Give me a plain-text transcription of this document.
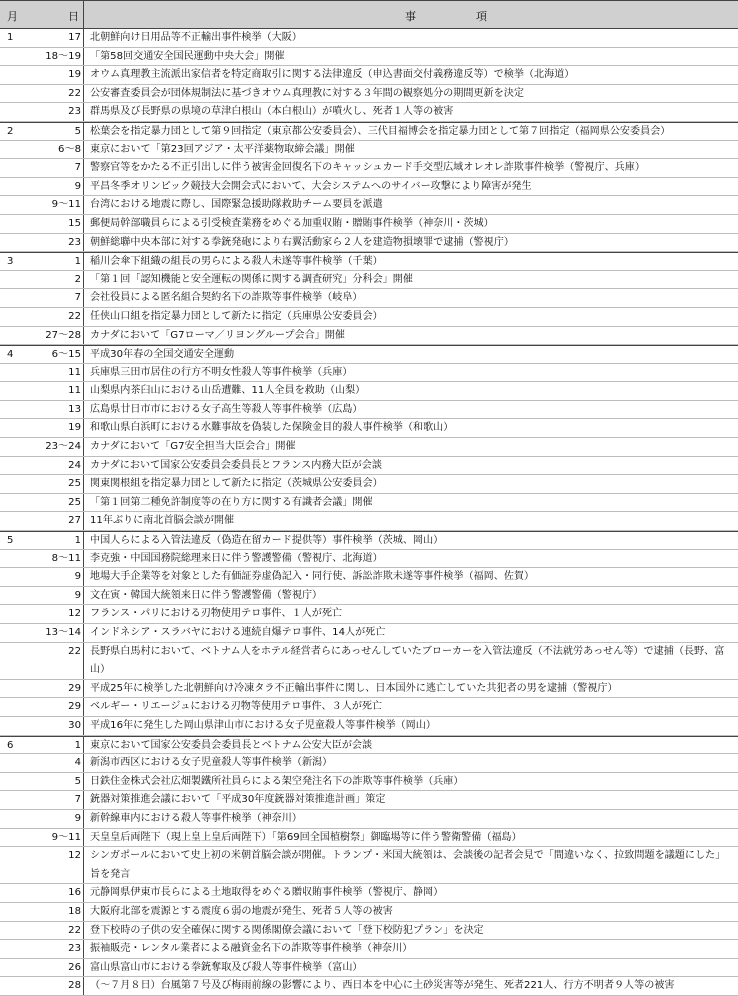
月	日	事項
1	17 北朝鮮向け日用品等不正輸出事件検挙（大阪）
18～19 「第58回交通安全国民運動中央大会」開催
19 オウム真理教主流派出家信者を特定商取引に関する法律違反（申込書面交付義務違反等）で検挙（北海道）
22 公安審査委員会が団体規制法に基づきオウム真理教に対する３年間の観察処分の期間更新を決定
23 群馬県及び長野県の県境の草津白根山（本白根山）が噴火し、死者１人等の被害
2	5 松葉会を指定暴力団として第９回指定（東京都公安委員会）、三代目福博会を指定暴力団として第７回指定（福岡県公安委員会）
6～8 東京において「第23回アジア・太平洋薬物取締会議」開催
7 警察官等をかたる不正引出しに伴う被害金回復名下のキャッシュカード手交型広域オレオレ詐欺事件検挙（警視庁、兵庫）
9 平昌冬季オリンピック競技大会開会式において、大会システムへのサイバー攻撃により障害が発生
9～11 台湾における地震に際し、国際緊急援助隊救助チーム要員を派遣
15 郵便局幹部職員らによる引受検査業務をめぐる加重収賄・贈賄事件検挙（神奈川・茨城）
23 朝鮮総聯中央本部に対する拳銃発砲により右翼活動家ら２人を建造物損壊罪で逮捕（警視庁）
3	1 稲川会傘下組織の組長の男らによる殺人未遂等事件検挙（千葉）
2 「第１回「認知機能と安全運転の関係に関する調査研究」分科会」開催
7 会社役員による匿名組合契約名下の詐欺等事件検挙（岐阜）
22 任侠山口組を指定暴力団として新たに指定（兵庫県公安委員会）
27～28 カナダにおいて「G7ローマ／リヨングループ会合」開催
4	6～15 平成30年春の全国交通安全運動
11 兵庫県三田市居住の行方不明女性殺人等事件検挙（兵庫）
11 山梨県内茶臼山における山岳遭難、11人全員を救助（山梨）
13 広島県廿日市市における女子高生等殺人等事件検挙（広島）
19 和歌山県白浜町における水難事故を偽装した保険金目的殺人事件検挙（和歌山）
23～24 カナダにおいて「G7安全担当大臣会合」開催
24 カナダにおいて国家公安委員会委員長とフランス内務大臣が会談
25 関東関根組を指定暴力団として新たに指定（茨城県公安委員会）
25 「第１回第二種免許制度等の在り方に関する有識者会議」開催
27 11年ぶりに南北首脳会談が開催
5	1 中国人らによる入管法違反（偽造在留カード提供等）事件検挙（茨城、岡山）
8～11 李克強・中国国務院総理来日に伴う警護警備（警視庁、北海道）
9 地場大手企業等を対象とした有価証券虚偽記入・同行使、訴訟詐欺未遂等事件検挙（福岡、佐賀）
9 文在寅・韓国大統領来日に伴う警護警備（警視庁）
12 フランス・パリにおける刃物使用テロ事件、１人が死亡
13～14 インドネシア・スラバヤにおける連続自爆テロ事件、14人が死亡
22 長野県白馬村において、ベトナム人をホテル経営者らにあっせんしていたブローカーを入管法違反（不法就労あっせん等）で逮捕（長野、富山）
29 平成25年に検挙した北朝鮮向け冷凍タラ不正輸出事件に関し、日本国外に逃亡していた共犯者の男を逮捕（警視庁）
29 ベルギー・リエージュにおける刃物等使用テロ事件、３人が死亡
30 平成16年に発生した岡山県津山市における女子児童殺人等事件検挙（岡山）
6	1 東京において国家公安委員会委員長とベトナム公安大臣が会談
4 新潟市西区における女子児童殺人等事件検挙（新潟）
5 日鉄住金株式会社広畑製鐵所社員らによる架空発注名下の詐欺等事件検挙（兵庫）
7 銃器対策推進会議において「平成30年度銃器対策推進計画」策定
9 新幹線車内における殺人等事件検挙（神奈川）
9～11 天皇皇后両陛下（現上皇上皇后両陛下）「第69回全国植樹祭」御臨場等に伴う警衛警備（福島）
12 シンガポールにおいて史上初の米朝首脳会談が開催。トランプ・米国大統領は、会談後の記者会見で「間違いなく、拉致問題を議題にした」旨を発言
16 元静岡県伊東市長らによる土地取得をめぐる贈収賄事件検挙（警視庁、静岡）
18 大阪府北部を震源とする震度６弱の地震が発生、死者５人等の被害
22 登下校時の子供の安全確保に関する関係閣僚会議において「登下校防犯プラン」を決定
23 振袖販売・レンタル業者による融資金名下の詐欺等事件検挙（神奈川）
26 富山県富山市における拳銃奪取及び殺人等事件検挙（富山）
28 （～７月８日）台風第７号及び梅雨前線の影響により、西日本を中心に土砂災害等が発生、死者221人、行方不明者９人等の被害
